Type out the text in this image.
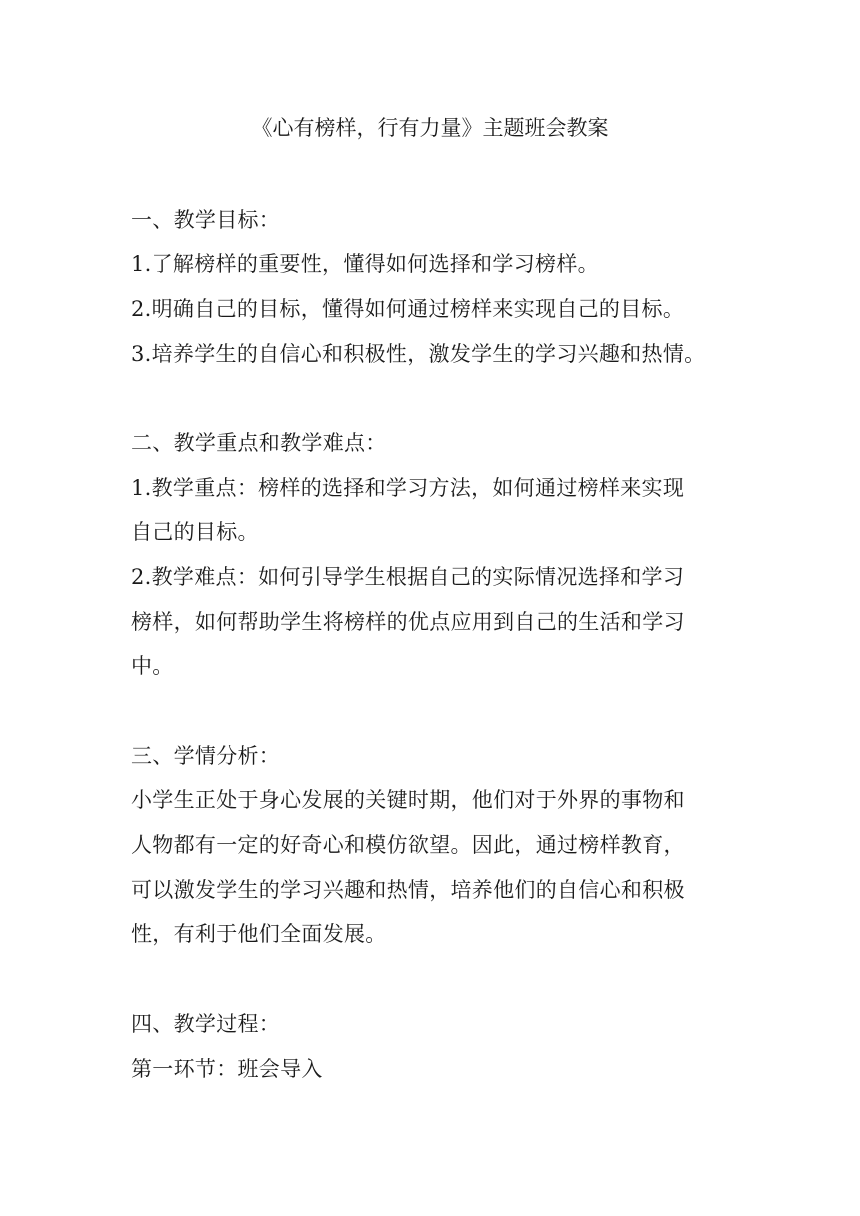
《心有榜样，行有力量》主题班会教案
一、教学目标：
1.了解榜样的重要性，懂得如何选择和学习榜样。
2.明确自己的目标，懂得如何通过榜样来实现自己的目标。
3.培养学生的自信心和积极性，激发学生的学习兴趣和热情。
二、教学重点和教学难点：
1.教学重点：榜样的选择和学习方法，如何通过榜样来实现
自己的目标。
2.教学难点：如何引导学生根据自己的实际情况选择和学习
榜样，如何帮助学生将榜样的优点应用到自己的生活和学习
中。
三、学情分析：
小学生正处于身心发展的关键时期，他们对于外界的事物和
人物都有一定的好奇心和模仿欲望。因此，通过榜样教育，
可以激发学生的学习兴趣和热情，培养他们的自信心和积极
性，有利于他们全面发展。
四、教学过程：
第一环节：班会导入
